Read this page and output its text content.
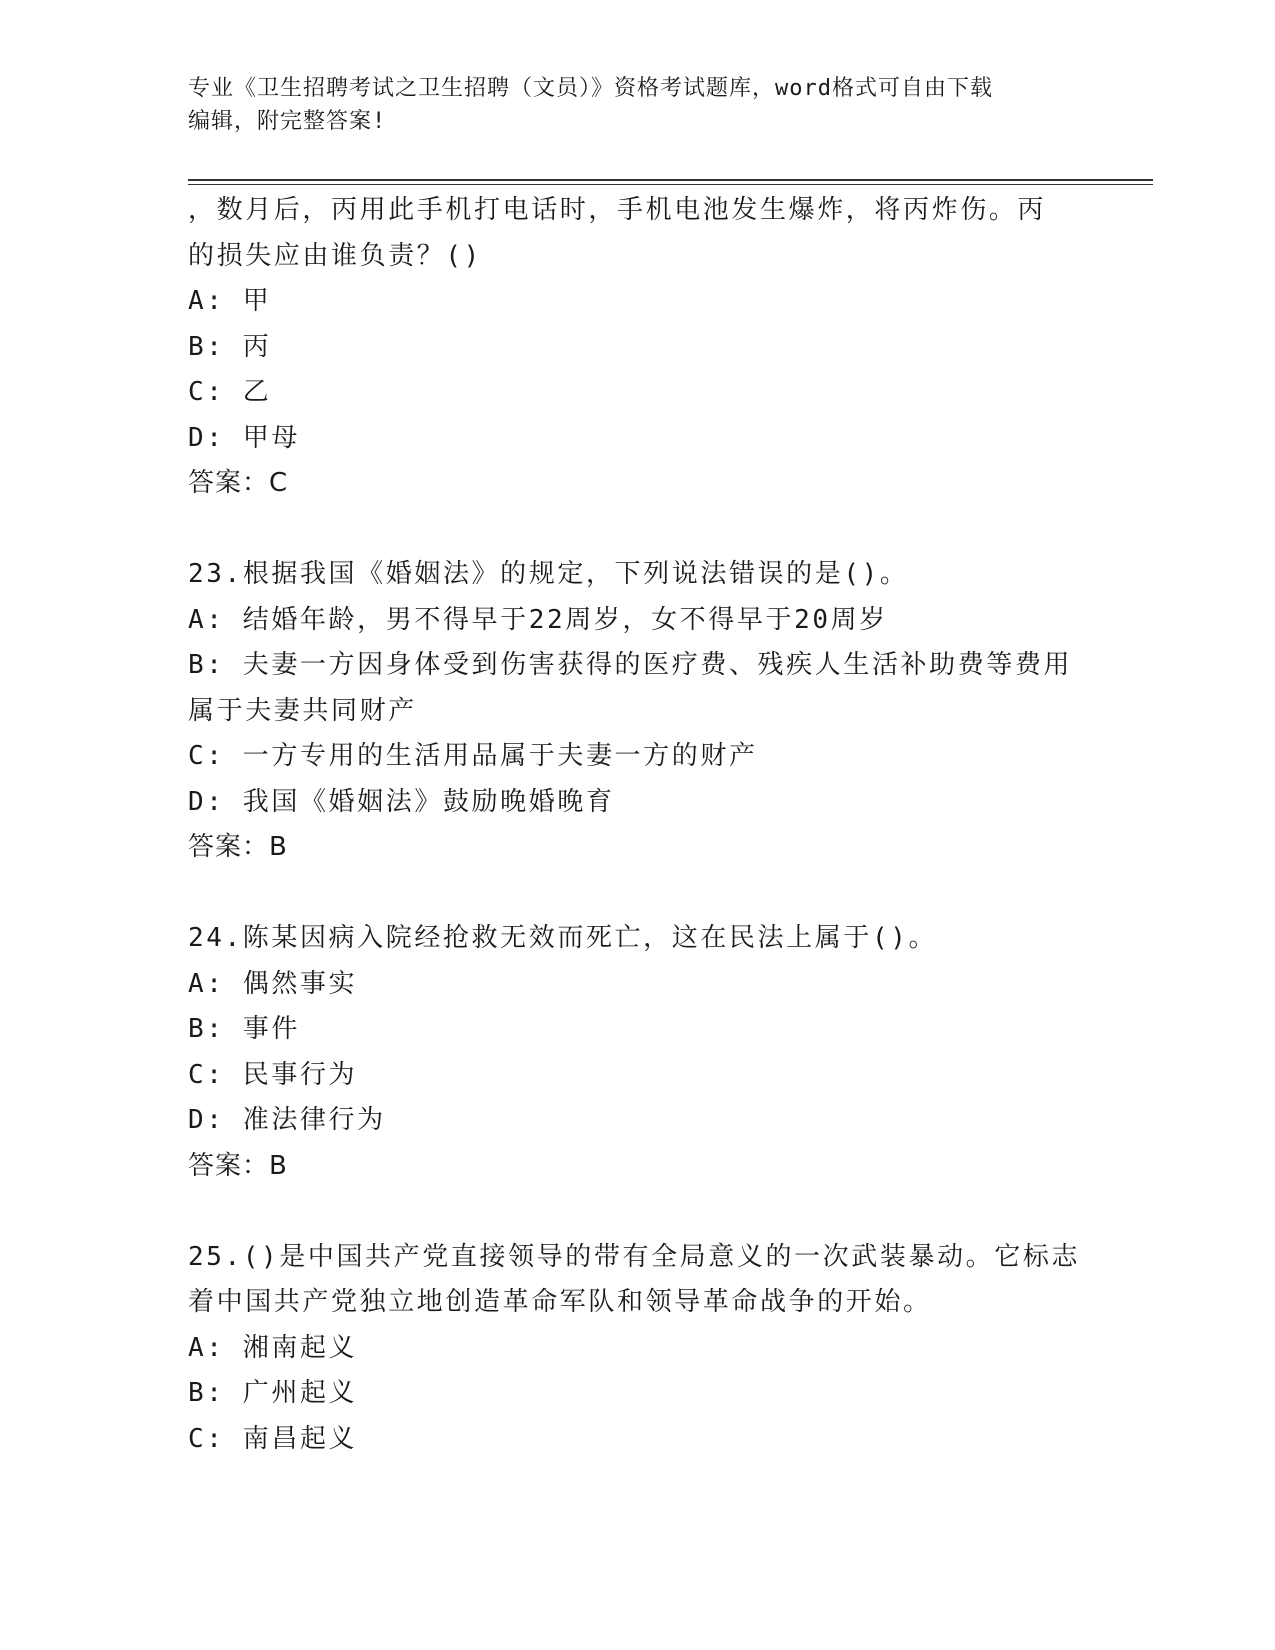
专业《卫生招聘考试之卫生招聘（文员）》资格考试题库，word格式可自由下载
编辑，附完整答案!
，数月后，丙用此手机打电话时，手机电池发生爆炸，将丙炸伤。丙
的损失应由谁负责？()
A: 甲
B: 丙
C: 乙
D: 甲母
答案：C
23.根据我国《婚姻法》的规定，下列说法错误的是()。
A: 结婚年龄，男不得早于22周岁，女不得早于20周岁
B: 夫妻一方因身体受到伤害获得的医疗费、残疾人生活补助费等费用
属于夫妻共同财产
C: 一方专用的生活用品属于夫妻一方的财产
D: 我国《婚姻法》鼓励晚婚晚育
答案：B
24.陈某因病入院经抢救无效而死亡，这在民法上属于()。
A: 偶然事实
B: 事件
C: 民事行为
D: 准法律行为
答案：B
25.()是中国共产党直接领导的带有全局意义的一次武装暴动。它标志
着中国共产党独立地创造革命军队和领导革命战争的开始。
A: 湘南起义
B: 广州起义
C: 南昌起义
